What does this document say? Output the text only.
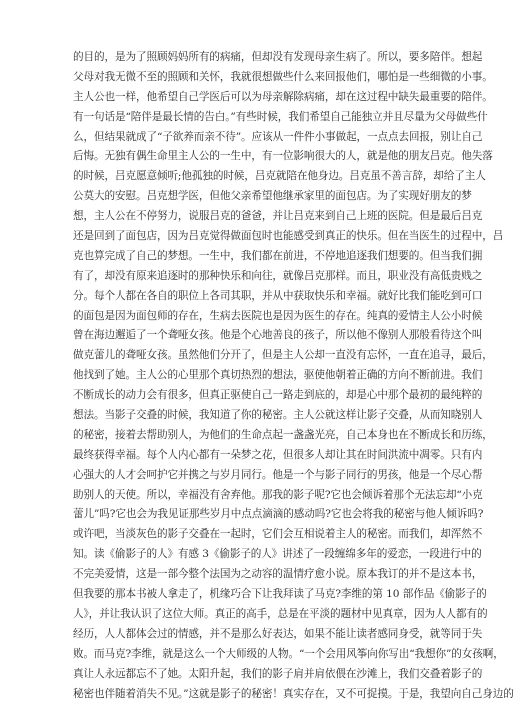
的目的，是为了照顾妈妈所有的病痛，但却没有发现母亲生病了。所以，要多陪伴。想起
父母对我无微不至的照顾和关怀，我就很想做些什么来回报他们，哪怕是一些细微的小事。
主人公也一样，他希望自己学医后可以为母亲解除病痛，却在这过程中缺失最重要的陪伴。
有一句话是“陪伴是最长情的告白。”有些时候，我们希望自己能独立并且尽量为父母做些什
么，但结果就成了“子欲养而亲不待”。应该从一件件小事做起，一点点去回报，别让自己
后悔。无独有偶生命里主人公的一生中，有一位影响很大的人，就是他的朋友吕克。他失落
的时候，吕克愿意倾听;他孤独的时候，吕克就陪在他身边。吕克虽不善言辞，却给了主人
公莫大的安慰。吕克想学医，但他父亲希望他继承家里的面包店。为了实现好朋友的梦
想，主人公在不停努力，说服吕克的爸爸，并让吕克来到自己上班的医院。但是最后吕克
还是回到了面包店，因为吕克觉得做面包时也能感受到真正的快乐。但在当医生的过程中，吕
克也算完成了自己的梦想。一生中，我们都在前进，不停地追逐我们想要的。但当我们拥
有了，却没有原来追逐时的那种快乐和向往，就像吕克那样。而且，职业没有高低贵贱之
分。每个人都在各自的职位上各司其职，并从中获取快乐和幸福。就好比我们能吃到可口
的面包是因为面包师的存在，生病去医院也是因为医生的存在。纯真的爱情主人公小时候
曾在海边邂逅了一个聋哑女孩。他是个心地善良的孩子，所以他不像别人那般看待这个叫
做克蕾儿的聋哑女孩。虽然他们分开了，但是主人公却一直没有忘怀，一直在追寻，最后，
他找到了她。主人公的心里那个真切热烈的想法，驱使他朝着正确的方向不断前进。我们
不断成长的动力会有很多，但真正驱使自己一路走到底的，却是心中那个最初的最纯粹的
想法。当影子交叠的时候，我知道了你的秘密。主人公就这样让影子交叠，从而知晓别人
的秘密，接着去帮助别人，为他们的生命点起一盏盏光亮，自己本身也在不断成长和历练，
最终获得幸福。每个人内心都有一朵梦之花，但很多人却让其在时间洪流中凋零。只有内
心强大的人才会呵护它并携之与岁月同行。他是一个与影子同行的男孩，他是一个尽心帮
助别人的天使。所以，幸福没有舍弃他。那我的影子呢?它也会倾诉着那个无法忘却“小克
蕾儿”吗?它也会为我见证那些岁月中点点滴滴的感动吗?它也会将我的秘密与他人倾诉吗?
或许吧，当淡灰色的影子交叠在一起时，它们会互相说着主人的秘密。而我们，却浑然不
知。读《偷影子的人》有感 3《偷影子的人》讲述了一段缠绵多年的爱恋，一段进行中的
不完美爱情，这是一部今整个法国为之动容的温情疗愈小说。原本我订的并不是这本书，
但我要的那本书被人拿走了，机缘巧合下让我拜读了马克?李维的第 10 部作品《偷影子的
人》，并让我认识了这位大师。真正的高手，总是在平淡的题材中见真章，因为人人都有的
经历，人人都体会过的情感，并不是那么好表达，如果不能让读者感同身受，就等同于失
败。而马克?李维，就是这么一个大师级的人物。“一个会用风筝向你写出“我想你”的女孩啊，
真让人永远都忘不了她。太阳升起，我们的影子肩并肩依偎在沙滩上，我们交叠着影子的
秘密也伴随着消失不见。”这就是影子的秘密！真实存在，又不可捉摸。于是，我望向自己身边的
